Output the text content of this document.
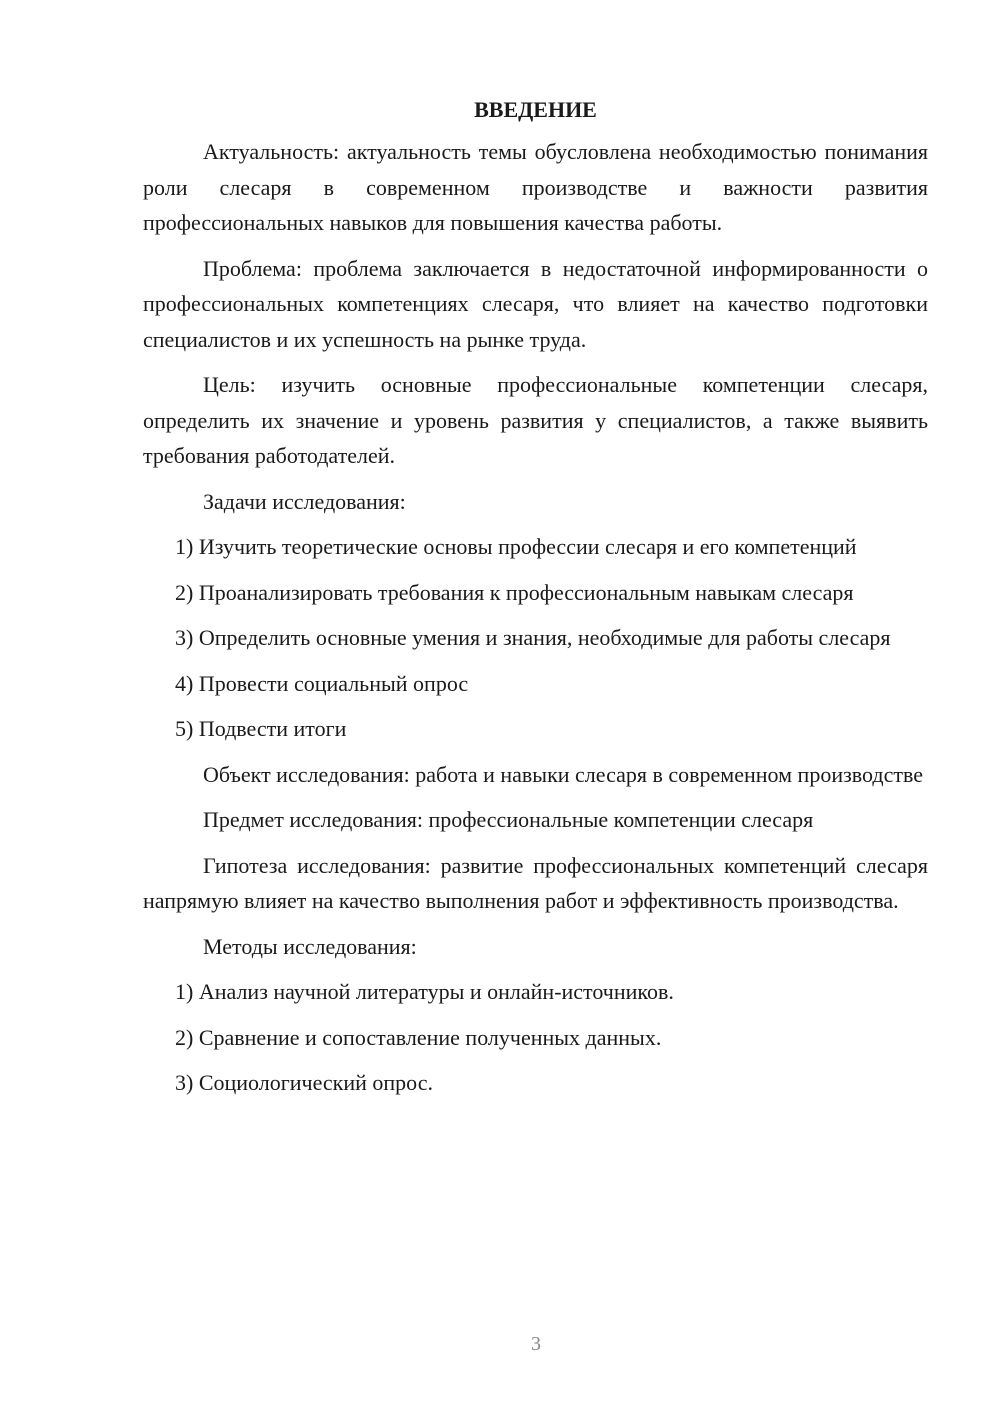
ВВЕДЕНИЕ

Актуальность: актуальность темы обусловлена необходимостью понимания роли слесаря в современном производстве и важности развития профессиональных навыков для повышения качества работы.

Проблема: проблема заключается в недостаточной информированности о профессиональных компетенциях слесаря, что влияет на качество подготовки специалистов и их успешность на рынке труда.

Цель: изучить основные профессиональные компетенции слесаря, определить их значение и уровень развития у специалистов, а также выявить требования работодателей.

Задачи исследования:

1) Изучить теоретические основы профессии слесаря и его компетенций

2) Проанализировать требования к профессиональным навыкам слесаря

3) Определить основные умения и знания, необходимые для работы слесаря

4) Провести социальный опрос

5) Подвести итоги

Объект исследования: работа и навыки слесаря в современном производстве

Предмет исследования: профессиональные компетенции слесаря

Гипотеза исследования: развитие профессиональных компетенций слесаря напрямую влияет на качество выполнения работ и эффективность производства.

Методы исследования:

1) Анализ научной литературы и онлайн-источников.

2) Сравнение и сопоставление полученных данных.

3) Социологический опрос.

3
